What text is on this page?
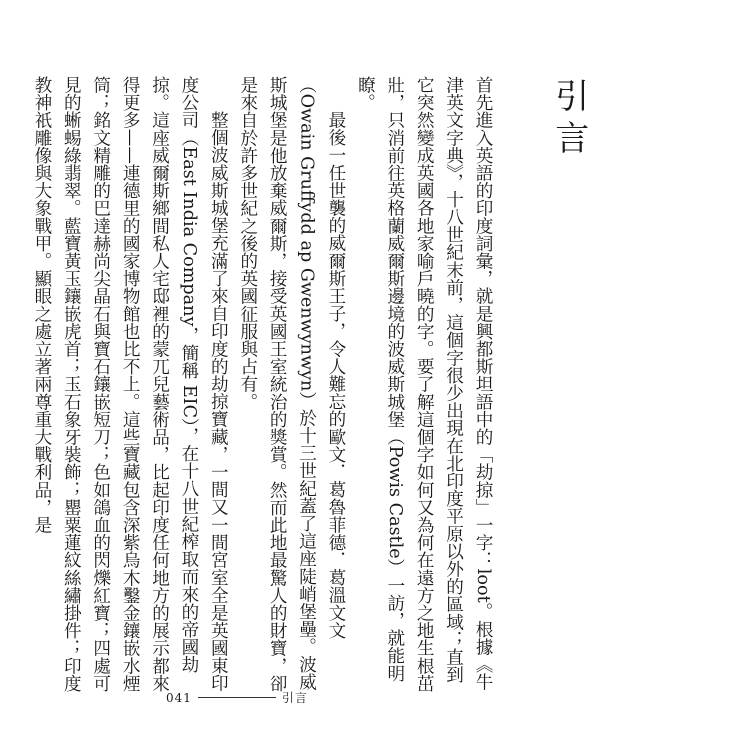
引言

首先進入英語的印度詞彙，就是興都斯坦語中的「劫掠」一字：loot。根據《牛津英文字典》，十八世紀末前，這個字很少出現在北印度平原以外的區域；直到它突然變成英國各地家喻戶曉的字。要了解這個字如何又為何在遠方之地生根茁壯，只消前往英格蘭威爾斯邊境的波威斯城堡（Powis Castle）一訪，就能明瞭。

最後一任世襲的威爾斯王子，令人難忘的歐文．葛魯菲德．葛溫文文（Owain Gruffydd ap Gwenwynwyn）於十三世紀蓋了這座陡峭堡壘。波威斯城堡是他放棄威爾斯，接受英國王室統治的獎賞。然而此地最驚人的財寶，卻是來自於許多世紀之後的英國征服與占有。

整個波威斯城堡充滿了來自印度的劫掠寶藏，一間又一間宮室全是英國東印度公司（East India Company，簡稱 EIC），在十八世紀榨取而來的帝國劫掠。這座威爾斯鄉間私人宅邸裡的蒙兀兒藝術品，比起印度任何地方的展示都來得更多——連德里的國家博物館也比不上。這些寶藏包含深紫烏木鑿金鑲嵌水煙筒；銘文精雕的巴達赫尚尖晶石與寶石鑲嵌短刀；色如鴿血的閃爍紅寶；四處可見的蜥蜴綠翡翠。藍寶黃玉鑲嵌虎首；玉石象牙裝飾；罌粟蓮紋絲繡掛件；印度教神祇雕像與大象戰甲。顯眼之處立著兩尊重大戰利品，是

041	引言
